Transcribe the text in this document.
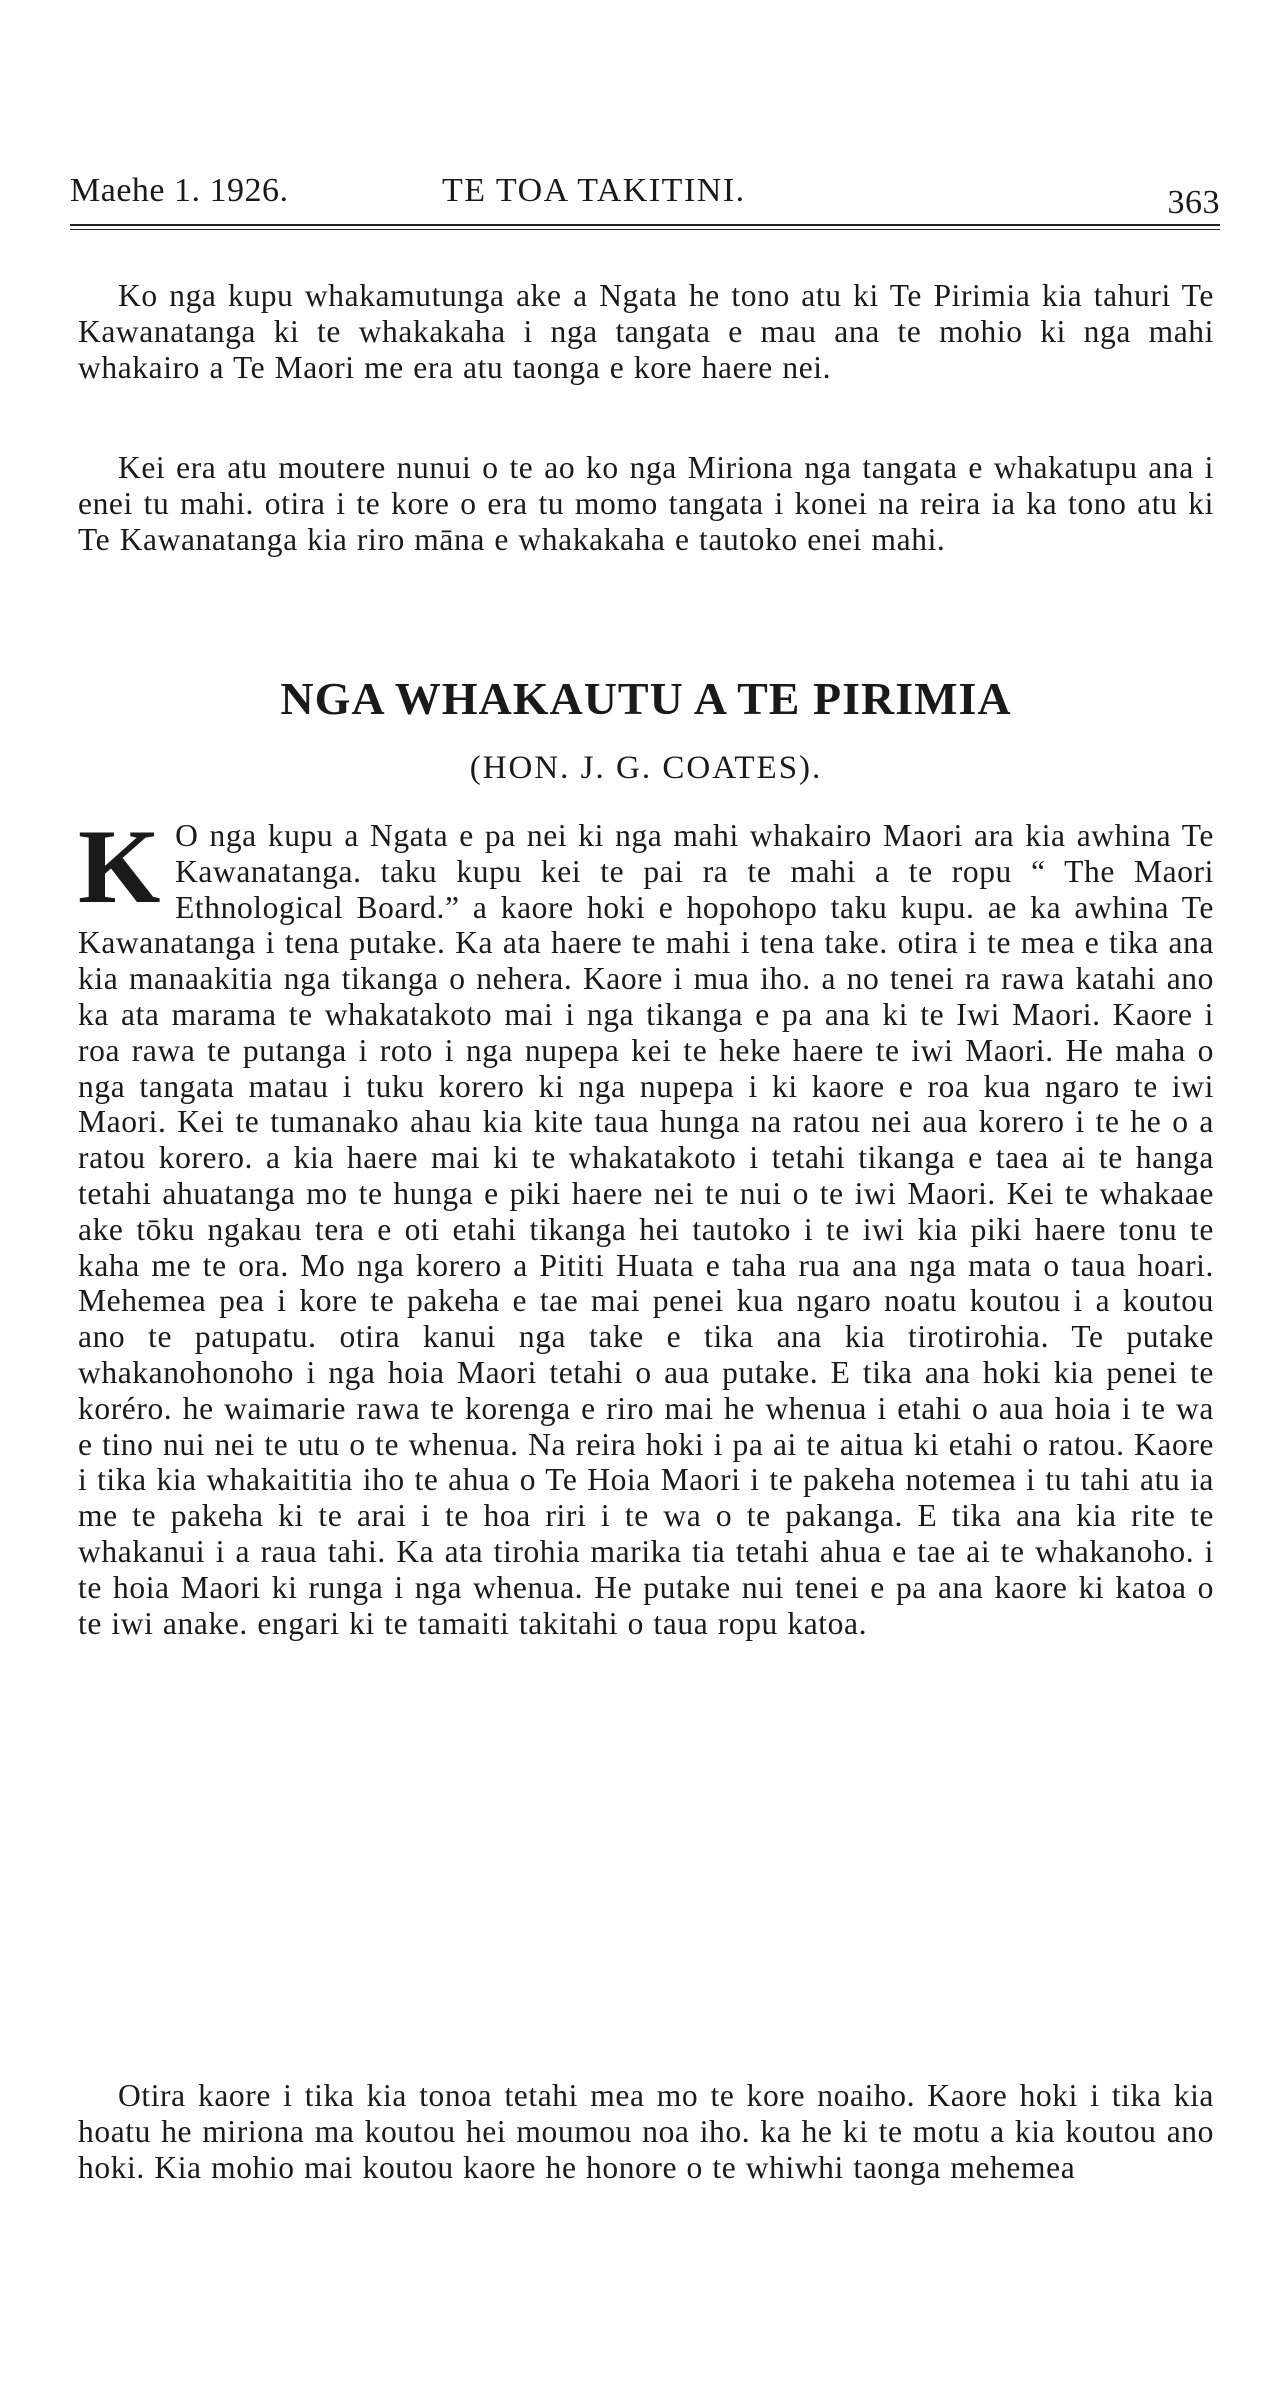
Maehe 1. 1926.	TE TOA TAKITINI.	363

Ko nga kupu whakamutunga ake a Ngata he tono atu ki Te Pirimia kia tahuri Te Kawanatanga ki te whakakaha i nga tangata e mau ana te mohio ki nga mahi whakairo a Te Maori me era atu taonga e kore haere nei.

Kei era atu moutere nunui o te ao ko nga Miriona nga tangata e whakatupu ana i enei tu mahi. otira i te kore o era tu momo tangata i konei na reira ia ka tono atu ki Te Kawanatanga kia riro māna e whakakaha e tautoko enei mahi.

NGA WHAKAUTU A TE PIRIMIA
(HON. J. G. COATES).
K O nga kupu a Ngata e pa nei ki nga mahi whakairo Maori ara kia awhina Te Kawanatanga. taku kupu kei te pai ra te mahi a te ropu “ The Maori Ethnological Board.” a kaore hoki e hopohopo taku kupu. ae ka awhina Te Kawanatanga i tena putake. Ka ata haere te mahi i tena take. otira i te mea e tika ana kia manaakitia nga tikanga o nehera. Kaore i mua iho. a no tenei ra rawa katahi ano ka ata marama te whakatakoto mai i nga tikanga e pa ana ki te Iwi Maori. Kaore i roa rawa te putanga i roto i nga nupepa kei te heke haere te iwi Maori. He maha o nga tangata matau i tuku korero ki nga nupepa i ki kaore e roa kua ngaro te iwi Maori. Kei te tumanako ahau kia kite taua hunga na ratou nei aua korero i te he o a ratou korero. a kia haere mai ki te whakatakoto i tetahi tikanga e taea ai te hanga tetahi ahuatanga mo te hunga e piki haere nei te nui o te iwi Maori. Kei te whakaae ake tōku ngakau tera e oti etahi tikanga hei tautoko i te iwi kia piki haere tonu te kaha me te ora. Mo nga korero a Pititi Huata e taha rua ana nga mata o taua hoari. Mehemea pea i kore te pakeha e tae mai penei kua ngaro noatu koutou i a koutou ano te patupatu. otira kanui nga take e tika ana kia tirotirohia. Te putake whakanohonoho i nga hoia Maori tetahi o aua putake. E tika ana hoki kia penei te koréro. he waimarie rawa te korenga e riro mai he whenua i etahi o aua hoia i te wa e tino nui nei te utu o te whenua. Na reira hoki i pa ai te aitua ki etahi o ratou. Kaore i tika kia whakaititia iho te ahua o Te Hoia Maori i te pakeha notemea i tu tahi atu ia me te pakeha ki te arai i te hoa riri i te wa o te pakanga. E tika ana kia rite te whakanui i a raua tahi. Ka ata tirohia marika tia tetahi ahua e tae ai te whakanoho. i te hoia Maori ki runga i nga whenua. He putake nui tenei e pa ana kaore ki katoa o te iwi anake. engari ki te tamaiti takitahi o taua ropu katoa.

Otira kaore i tika kia tonoa tetahi mea mo te kore noaiho. Kaore hoki i tika kia hoatu he miriona ma koutou hei moumou noa iho. ka he ki te motu a kia koutou ano hoki. Kia mohio mai koutou kaore he honore o te whiwhi taonga mehemea
